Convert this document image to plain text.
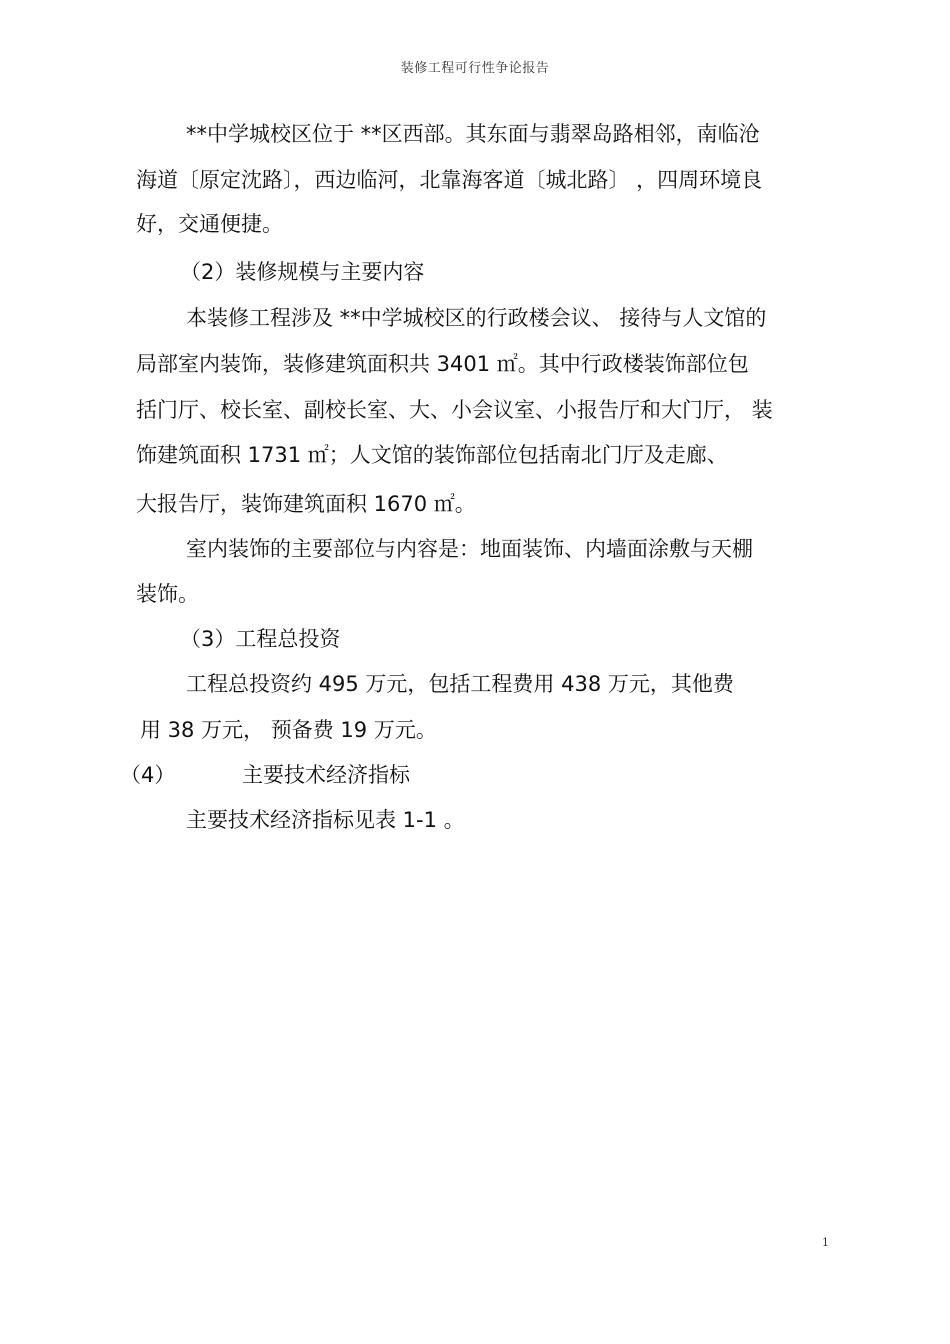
装修工程可行性争论报告
**中学城校区位于 **区西部。其东面与翡翠岛路相邻，南临沧
海道〔原定沈路〕，西边临河，北靠海客道〔城北路〕 ，四周环境良
好，交通便捷。
（2）装修规模与主要内容
本装修工程涉及 **中学城校区的行政楼会议、 接待与人文馆的
局部室内装饰，装修建筑面积共 3401 ㎡。其中行政楼装饰部位包
括门厅、校长室、副校长室、大、小会议室、小报告厅和大门厅， 装
饰建筑面积 1731 ㎡；人文馆的装饰部位包括南北门厅及走廊、
大报告厅，装饰建筑面积 1670 ㎡。
室内装饰的主要部位与内容是：地面装饰、内墙面涂敷与天棚
装饰。
（3）工程总投资
工程总投资约 495 万元，包括工程费用 438 万元，其他费
用 38 万元， 预备费 19 万元。
（4）	主要技术经济指标
主要技术经济指标见表 1-1 。
1
